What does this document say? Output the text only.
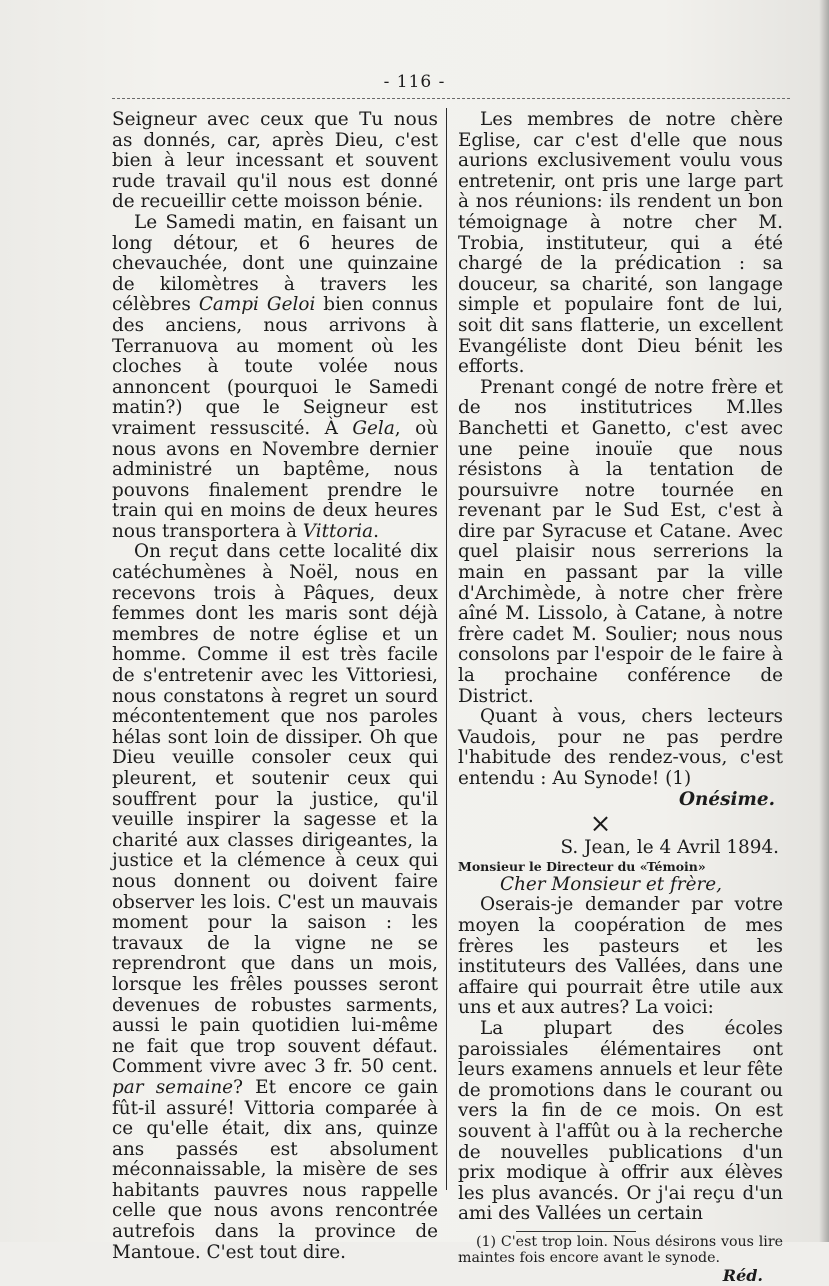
- 116 -

Seigneur avec ceux que Tu nous as donnés, car, après Dieu, c'est bien à leur incessant et souvent rude travail qu'il nous est donné de recueillir cette moisson bénie.

Le Samedi matin, en faisant un long détour, et 6 heures de chevauchée, dont une quinzaine de kilomètres à travers les célèbres Campi Geloi bien connus des anciens, nous arrivons à Terranuova au moment où les cloches à toute volée nous annoncent (pourquoi le Samedi matin?) que le Seigneur est vraiment ressuscité. À Gela, où nous avons en Novembre dernier administré un baptême, nous pouvons finalement prendre le train qui en moins de deux heures nous transportera à Vittoria.

On reçut dans cette localité dix catéchumènes à Noël, nous en recevons trois à Pâques, deux femmes dont les maris sont déjà membres de notre église et un homme. Comme il est très facile de s'entretenir avec les Vittoriesi, nous constatons à regret un sourd mécontentement que nos paroles hélas sont loin de dissiper. Oh que Dieu veuille consoler ceux qui pleurent, et soutenir ceux qui souffrent pour la justice, qu'il veuille inspirer la sagesse et la charité aux classes dirigeantes, la justice et la clémence à ceux qui nous donnent ou doivent faire observer les lois. C'est un mauvais moment pour la saison : les travaux de la vigne ne se reprendront que dans un mois, lorsque les frêles pousses seront devenues de robustes sarments, aussi le pain quotidien lui-même ne fait que trop souvent défaut. Comment vivre avec 3 fr. 50 cent. par semaine? Et encore ce gain fût-il assuré! Vittoria comparée à ce qu'elle était, dix ans, quinze ans passés est absolument méconnaissable, la misère de ses habitants pauvres nous rappelle celle que nous avons rencontrée autrefois dans la province de Mantoue. C'est tout dire.

Les membres de notre chère Eglise, car c'est d'elle que nous aurions exclusivement voulu vous entretenir, ont pris une large part à nos réunions: ils rendent un bon témoignage à notre cher M. Trobia, instituteur, qui a été chargé de la prédication : sa douceur, sa charité, son langage simple et populaire font de lui, soit dit sans flatterie, un excellent Evangéliste dont Dieu bénit les efforts.

Prenant congé de notre frère et de nos institutrices M.lles Banchetti et Ganetto, c'est avec une peine inouïe que nous résistons à la tentation de poursuivre notre tournée en revenant par le Sud Est, c'est à dire par Syracuse et Catane. Avec quel plaisir nous serrerions la main en passant par la ville d'Archimède, à notre cher frère aîné M. Lissolo, à Catane, à notre frère cadet M. Soulier; nous nous consolons par l'espoir de le faire à la prochaine conférence de District.

Quant à vous, chers lecteurs Vaudois, pour ne pas perdre l'habitude des rendez-vous, c'est entendu : Au Synode! (1)

Onésime.

×

S. Jean, le 4 Avril 1894.

Monsieur le Directeur du «Témoin»

Cher Monsieur et frère,

Oserais-je demander par votre moyen la coopération de mes frères les pasteurs et les instituteurs des Vallées, dans une affaire qui pourrait être utile aux uns et aux autres? La voici:

La plupart des écoles paroissiales élémentaires ont leurs examens annuels et leur fête de promotions dans le courant ou vers la fin de ce mois. On est souvent à l'affût ou à la recherche de nouvelles publications d'un prix modique à offrir aux élèves les plus avancés. Or j'ai reçu d'un ami des Vallées un certain

(1) C'est trop loin. Nous désirons vous lire maintes fois encore avant le synode.

Réd.
